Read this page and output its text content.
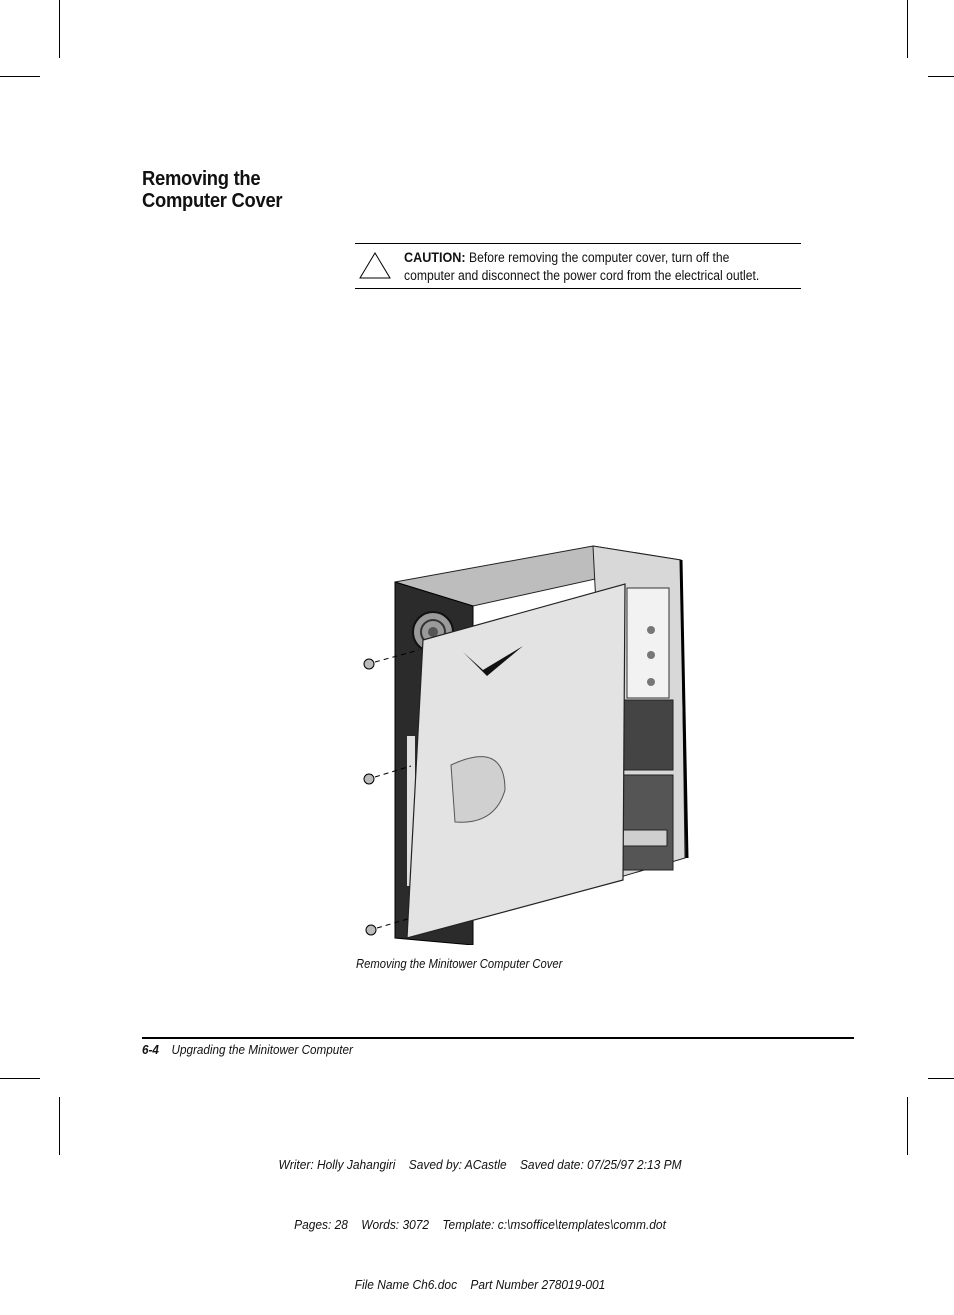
Removing the
Computer Cover
CAUTION: Before removing the computer cover, turn off the
computer and disconnect the power cord from the electrical outlet.
Removing the Minitower Computer Cover
6-4 Upgrading the Minitower Computer

Writer: Holly Jahangiri    Saved by: ACastle    Saved date: 07/25/97 2:13 PM

Pages: 28    Words: 3072    Template: c:\msoffice\templates\comm.dot

File Name Ch6.doc    Part Number 278019-001
